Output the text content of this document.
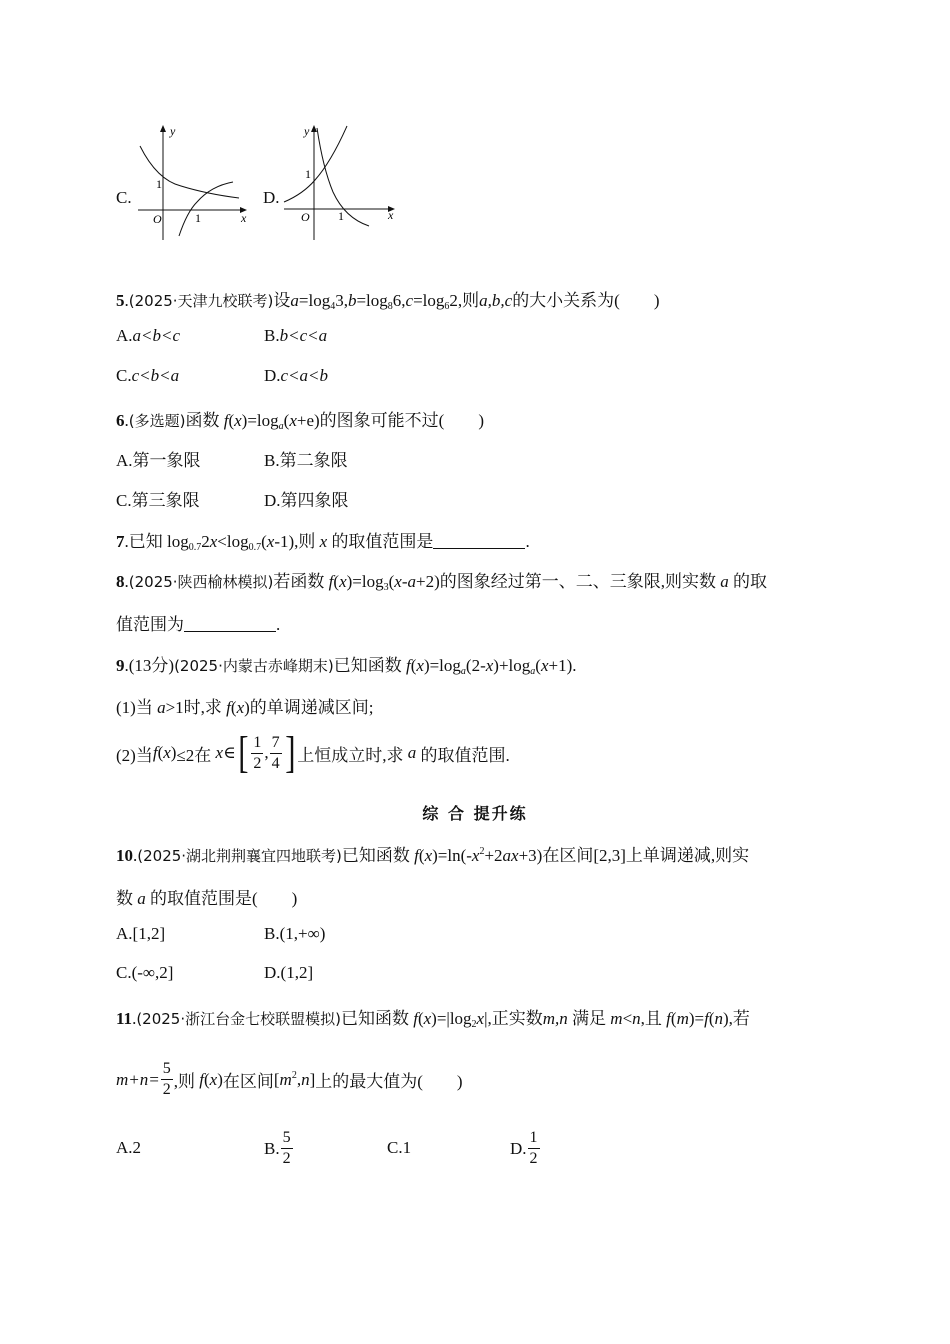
C.
y
x
O
1
1
D.
y
x
O
1
1
5.(2025·天津九校联考)设$a=\log_43,b=\log_86,c=\log_62$,则a,b,c的大小关系为(　　)
A.a<b<c	B.b<c<a
C.c<b<a	D.c<a<b
6.(多选题)函数 $f(x)=\log_a(x+e)$的图象可能不过(　　)
A.第一象限	B.第二象限
C.第三象限	D.第四象限
7.已知 $\log_{0.7}2x<\log_{0.7}(x-1)$,则 x 的取值范围是	.
8.(2025·陕西榆林模拟)若函数 $f(x)=\log_3(x-a+2)$的图象经过第一、二、三象限,则实数 a 的取
值范围为	.
9.(13分)(2025·内蒙古赤峰期末)已知函数 $f(x)=\log_a(2-x)+\log_a(x+1)$.
(1)当 a>1时,求 f(x)的单调递减区间;
(2)当 f(x) ≤2在 x ∈ [ $\frac{1}{2}$ , $\frac{7}{4}$ ] 上恒成立时,求 a 的取值范围.
综 合 提升练
10.(2025·湖北荆荆襄宜四地联考)已知函数 $f(x)=\ln(-x^2+2ax+3)$在区间[2,3]上单调递减,则实
数 a 的取值范围是(　　)
A.[1,2]	B.(1,+∞)
C.(-∞,2]	D.(1,2]
11.(2025·浙江台金七校联盟模拟)已知函数 $f(x)=|\log_2x|$,正实数m,n 满足 m<n,且 f(m)=f(n),若
$m+n= \frac{5}{2}$ ,则 f(x) 在区间 $[m^2,n]$ 上的最大值为(　　)
A.2	B. $\frac{5}{2}$	C.1	D. $\frac{1}{2}$
